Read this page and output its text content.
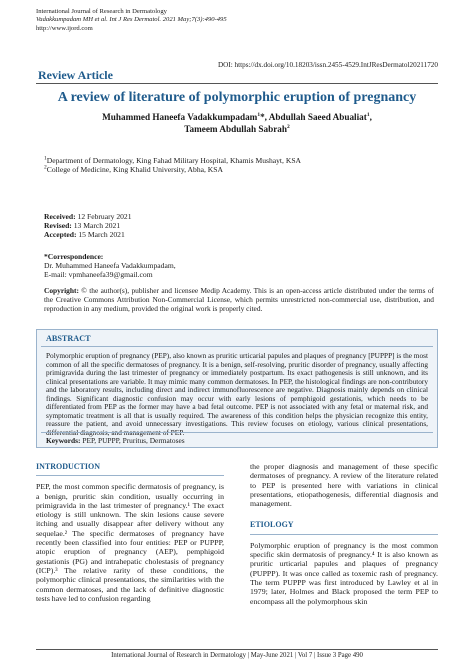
International Journal of Research in Dermatology
Vadakkumpadam MH et al. Int J Res Dermatol. 2021 May;7(3):490-495
http://www.ijord.com
Review Article
DOI: https://dx.doi.org/10.18203/issn.2455-4529.IntJResDermatol20211720
A review of literature of polymorphic eruption of pregnancy
Muhammed Haneefa Vadakkumpadam$^1$*, Abdullah Saeed Abualiat$^1$,
Tameem Abdullah Sabrah$^2$
$^1$Department of Dermatology, King Fahad Military Hospital, Khamis Mushayt, KSA
$^2$College of Medicine, King Khalid University, Abha, KSA
Received: 12 February 2021
Revised: 13 March 2021
Accepted: 15 March 2021
*Correspondence:
Dr. Muhammed Haneefa Vadakkumpadam,
E-mail: vpmhaneefa39@gmail.com
Copyright: © the author(s), publisher and licensee Medip Academy. This is an open-access article distributed under the terms of the Creative Commons Attribution Non-Commercial License, which permits unrestricted non-commercial use, distribution, and reproduction in any medium, provided the original work is properly cited.
ABSTRACT
Polymorphic eruption of pregnancy (PEP), also known as pruritic urticarial papules and plaques of pregnancy [PUPPP] is the most common of all the specific dermatoses of pregnancy. It is a benign, self-resolving, pruritic disorder of pregnancy, usually affecting primigravida during the last trimester of pregnancy or immediately postpartum. Its exact pathogenesis is still unknown, and its clinical presentations are variable. It may mimic many common dermatoses. In PEP, the histological findings are non-contributory and the laboratory results, including direct and indirect immunofluorescence are negative. Diagnosis mainly depends on clinical findings. Significant diagnostic confusion may occur with early lesions of pemphigoid gestationis, which needs to be differentiated from PEP as the former may have a bad fetal outcome. PEP is not associated with any fetal or maternal risk, and symptomatic treatment is all that is usually required. The awareness of this condition helps the physician recognize this entity, reassure the patient, and avoid unnecessary investigations. This review focuses on etiology, various clinical presentations, differential diagnosis, and management of PEP.
Keywords: PEP, PUPPP, Pruritus, Dermatoses
INTRODUCTION

PEP, the most common specific dermatosis of pregnancy, is a benign, pruritic skin condition, usually occurring in primigravida in the last trimester of pregnancy.¹ The exact etiology is still unknown. The skin lesions cause severe itching and usually disappear after delivery without any sequelae.² The specific dermatoses of pregnancy have recently been classified into four entities: PEP or PUPPP, atopic eruption of pregnancy (AEP), pemphigoid gestationis (PG) and intrahepatic cholestasis of pregnancy (ICP).³ The relative rarity of these conditions, the polymorphic clinical presentations, the similarities with the common dermatoses, and the lack of definitive diagnostic tests have led to confusion regarding

the proper diagnosis and management of these specific dermatoses of pregnancy. A review of the literature related to PEP is presented here with variations in clinical presentations, etiopathogenesis, differential diagnosis and management.

ETIOLOGY

Polymorphic eruption of pregnancy is the most common specific skin dermatosis of pregnancy.⁴ It is also known as pruritic urticarial papules and plaques of pregnancy (PUPPP). It was once called as toxemic rash of pregnancy. The term PUPPP was first introduced by Lawley et al in 1979; later, Holmes and Black proposed the term PEP to encompass all the polymorphous skin

International Journal of Research in Dermatology | May-June 2021 | Vol 7 | Issue 3 Page 490
